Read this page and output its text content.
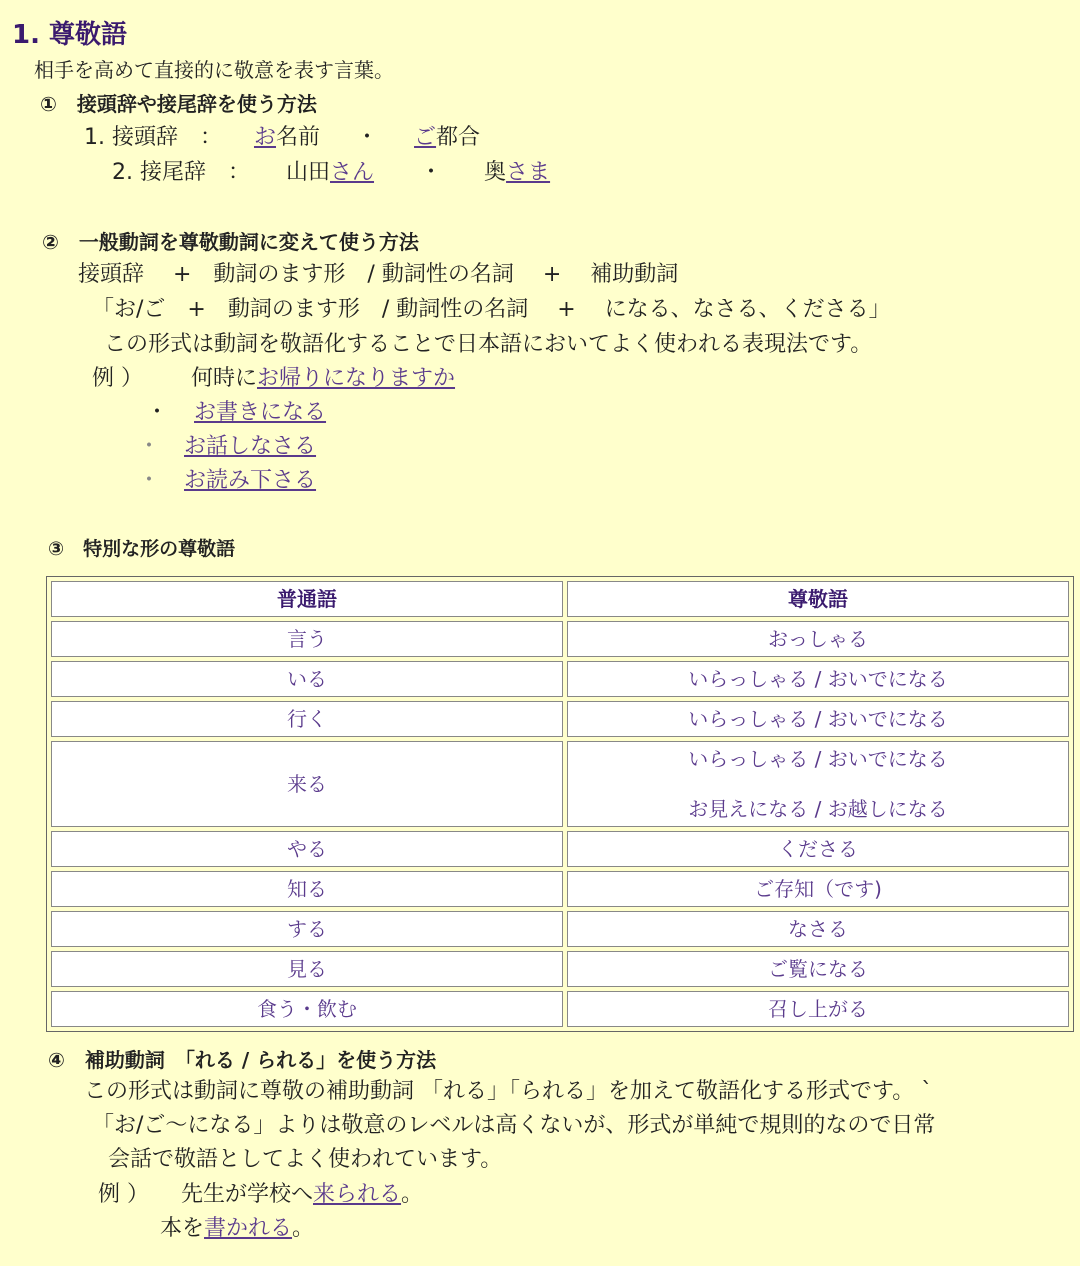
1. 尊敬語
相手を高めて直接的に敬意を表す言葉。
①　接頭辞や接尾辞を使う方法
1. 接頭辞　： お名前 ・ ご都合
2. 接尾辞　： 山田さん ・ 奥さま
②　一般動詞を尊敬動詞に変えて使う方法
接頭辞　 +　動詞のます形　/ 動詞性の名詞　 +　 補助動詞
「お/ご　+　動詞のます形　/ 動詞性の名詞　 +　 になる、なさる、くださる」
この形式は動詞を敬語化することで日本語においてよく使われる表現法です。
例 ） 何時にお帰りになりますか
・ お書きになる
・ お話しなさる
・ お読み下さる
③　特別な形の尊敬語
普通語	尊敬語
言う	おっしゃる
いる	いらっしゃる / おいでになる
行く	いらっしゃる / おいでになる
来る	いらっしゃる / おいでになる
お見えになる / お越しになる

やる	くださる
知る	ご存知（です)
する	なさる
見る	ご覧になる
食う・飲む	召し上がる
④　補助動詞　「れる / られる」を使う方法
この形式は動詞に尊敬の補助動詞 「れる」「られる」を加えて敬語化する形式です。 `
「お/ご～になる」よりは敬意のレベルは高くないが、形式が単純で規則的なので日常
会話で敬語としてよく使われています。
例 ） 先生が学校へ来られる。
本を書かれる。
